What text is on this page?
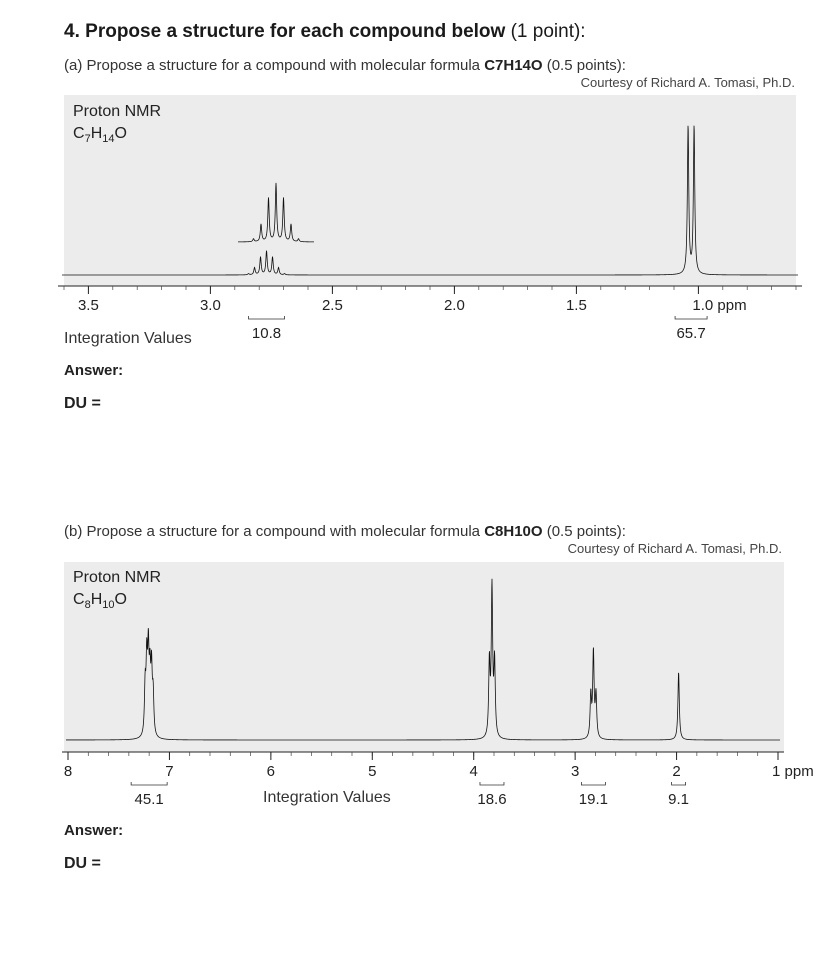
4. Propose a structure for each compound below (1 point):
(a) Propose a structure for a compound with molecular formula C7H14O (0.5 points):
Courtesy of Richard A. Tomasi, Ph.D.
Proton NMR
$C_7H_{14}O$
3.5	3.0	2.5	2.0	1.5	1.0 ppm
10.8	65.7
Integration Values
Answer:
DU =
(b) Propose a structure for a compound with molecular formula C8H10O (0.5 points):
Courtesy of Richard A. Tomasi, Ph.D.
Proton NMR
$C_8H_{10}O$
8	7	6	5	4	3	2	1 ppm
45.1	18.6	19.1	9.1
Integration Values
Answer:
DU =
